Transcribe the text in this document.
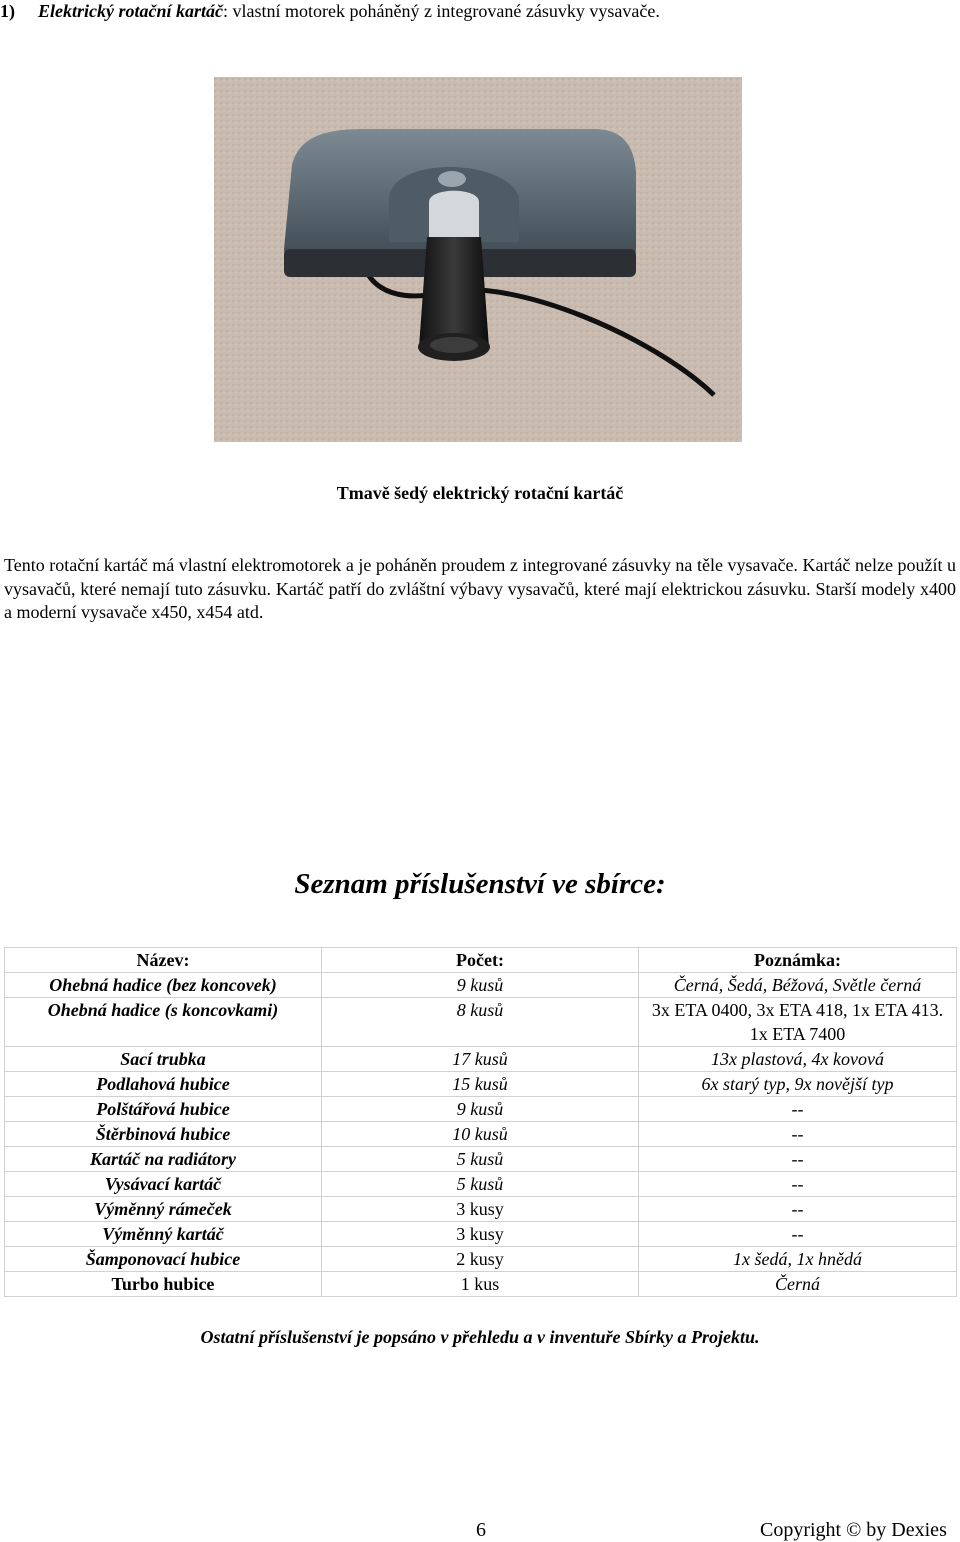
1) Elektrický rotační kartáč: vlastní motorek poháněný z integrované zásuvky vysavače.
Tmavě šedý elektrický rotační kartáč
Tento rotační kartáč má vlastní elektromotorek a je poháněn proudem z integrované zásuvky na těle vysavače. Kartáč nelze použít u vysavačů, které nemají tuto zásuvku. Kartáč patří do zvláštní výbavy vysavačů, které mají elektrickou zásuvku. Starší modely x400 a moderní vysavače x450, x454 atd.
Seznam příslušenství ve sbírce:
Název:	Počet:	Poznámka:
Ohebná hadice (bez koncovek)	9 kusů	Černá, Šedá, Béžová, Světle černá
Ohebná hadice (s koncovkami)	8 kusů	3x ETA 0400, 3x ETA 418, 1x ETA 413. 1x ETA 7400
Sací trubka	17 kusů	13x plastová, 4x kovová
Podlahová hubice	15 kusů	6x starý typ, 9x novější typ
Polštářová hubice	9 kusů	--
Štěrbinová hubice	10 kusů	--
Kartáč na radiátory	5 kusů	--
Vysávací kartáč	5 kusů	--
Výměnný rámeček	3 kusy	--
Výměnný kartáč	3 kusy	--
Šamponovací hubice	2 kusy	1x šedá, 1x hnědá
Turbo hubice	1 kus	Černá
Ostatní příslušenství je popsáno v přehledu a v inventuře Sbírky a Projektu.
6	Copyright © by Dexies
